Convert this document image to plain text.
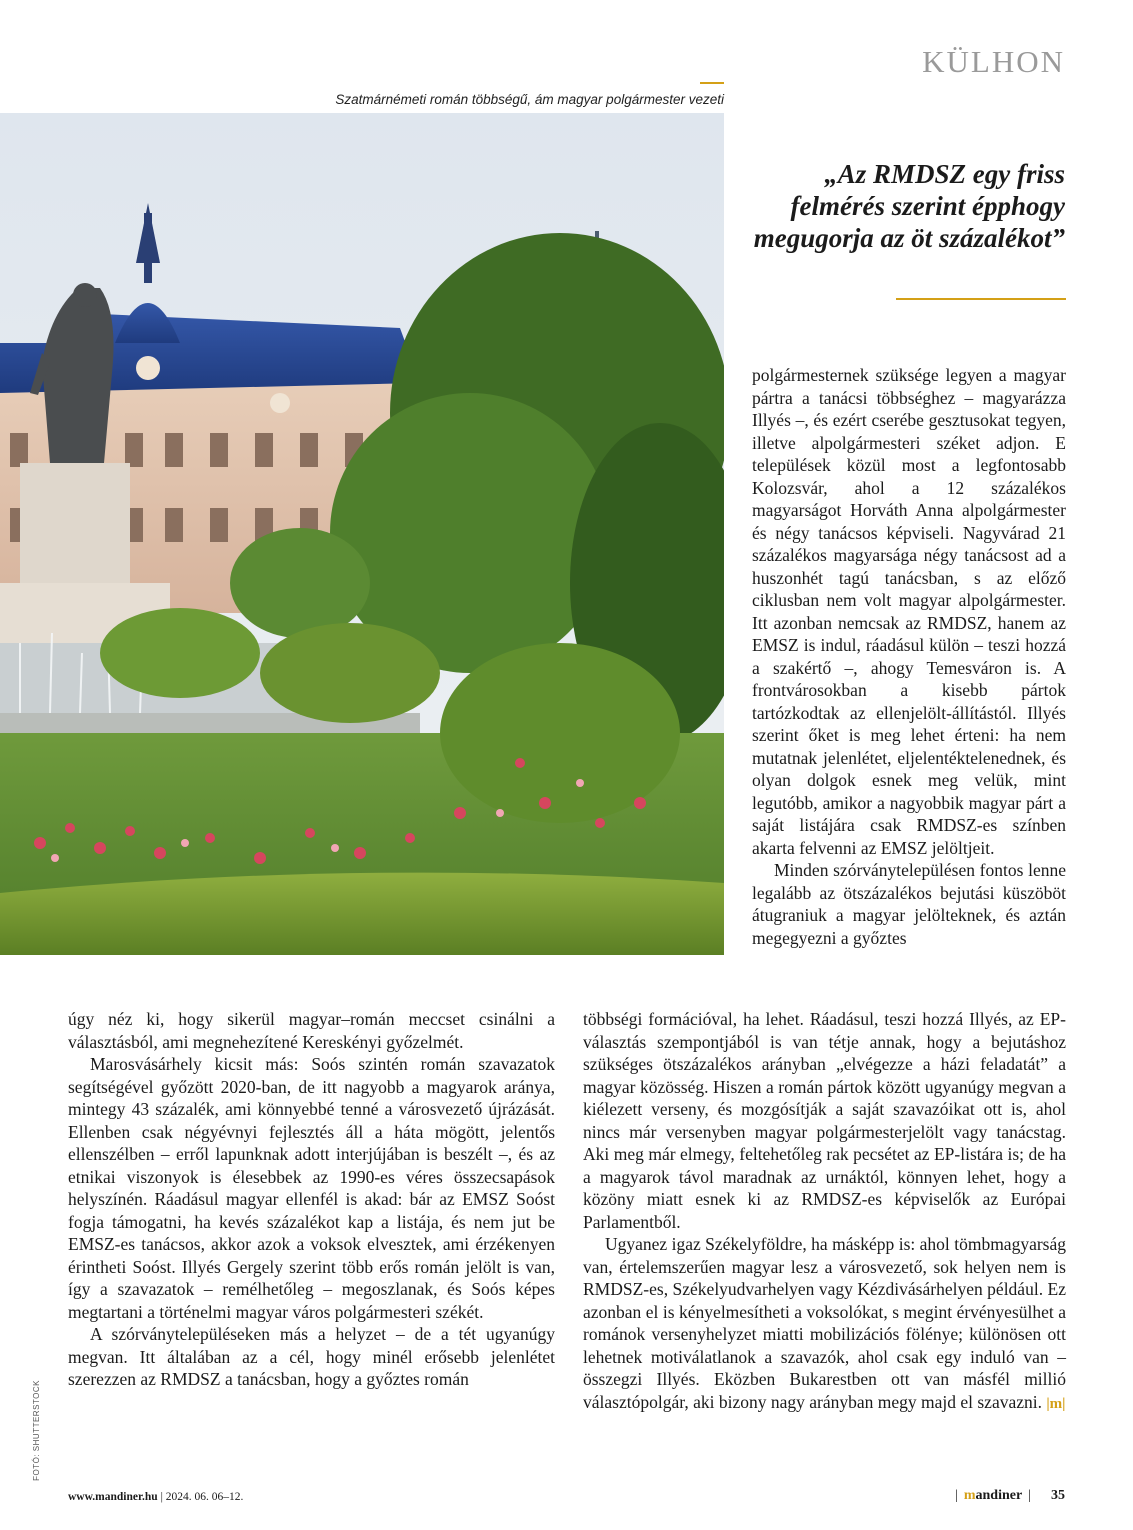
KÜLHON
Szatmárnémeti román többségű, ám magyar polgármester vezeti
„Az RMDSZ egy friss felmérés szerint épphogy megugorja az öt százalékot”

polgármesternek szüksége legyen a magyar pártra a tanácsi többséghez – magyarázza Illyés –, és ezért cserébe gesztusokat tegyen, illetve alpolgármesteri széket adjon. E települések közül most a legfontosabb Kolozsvár, ahol a 12 százalékos magyarságot Horváth Anna alpolgármester és négy tanácsos képviseli. Nagyvárad 21 százalékos magyarsága négy tanácsost ad a huszonhét tagú tanácsban, s az előző ciklusban nem volt magyar alpolgármester. Itt azonban nemcsak az RMDSZ, hanem az EMSZ is indul, ráadásul külön – teszi hozzá a szakértő –, ahogy Temesváron is. A frontvárosokban a kisebb pártok tartózkodtak az ellenjelölt-állítástól. Illyés szerint őket is meg lehet érteni: ha nem mutatnak jelenlétet, eljelentéktelenednek, és olyan dolgok esnek meg velük, mint legutóbb, amikor a nagyobbik magyar párt a saját listájára csak RMDSZ-es színben akarta felvenni az EMSZ jelöltjeit.

Minden szórványtelepülésen fontos lenne legalább az ötszázalékos bejutási küszöböt átugraniuk a magyar jelölteknek, és aztán megegyezni a győztes

úgy néz ki, hogy sikerül magyar–román meccset csinálni a választásból, ami megnehezítené Kereskényi győzelmét.

Marosvásárhely kicsit más: Soós szintén román szavazatok segítségével győzött 2020-ban, de itt nagyobb a magyarok aránya, mintegy 43 százalék, ami könnyebbé tenné a városvezető újrázását. Ellenben csak négyévnyi fejlesztés áll a háta mögött, jelentős ellenszélben – erről lapunknak adott interjújában is beszélt –, és az etnikai viszonyok is élesebbek az 1990-es véres összecsapások helyszínén. Ráadásul magyar ellenfél is akad: bár az EMSZ Soóst fogja támogatni, ha kevés százalékot kap a listája, és nem jut be EMSZ-es tanácsos, akkor azok a voksok elvesztek, ami érzékenyen érintheti Soóst. Illyés Gergely szerint több erős román jelölt is van, így a szavazatok – remélhetőleg – megoszlanak, és Soós képes megtartani a történelmi magyar város polgármesteri székét.

A szórványtelepüléseken más a helyzet – de a tét ugyanúgy megvan. Itt általában az a cél, hogy minél erősebb jelenlétet szerezzen az RMDSZ a tanácsban, hogy a győztes román

többségi formációval, ha lehet. Ráadásul, teszi hozzá Illyés, az EP-választás szempontjából is van tétje annak, hogy a bejutáshoz szükséges ötszázalékos arányban „elvégezze a házi feladatát” a magyar közösség. Hiszen a román pártok között ugyanúgy megvan a kiélezett verseny, és mozgósítják a saját szavazóikat ott is, ahol nincs már versenyben magyar polgármesterjelölt vagy tanácstag. Aki meg már elmegy, feltehetőleg rak pecsétet az EP-listára is; de ha a magyarok távol maradnak az urnáktól, könnyen lehet, hogy a közöny miatt esnek ki az RMDSZ-es képviselők az Európai Parlamentből.

Ugyanez igaz Székelyföldre, ha másképp is: ahol tömbmagyarság van, értelemszerűen magyar lesz a városvezető, sok helyen nem is RMDSZ-es, Székelyudvarhelyen vagy Kézdivásárhelyen például. Ez azonban el is kényelmesítheti a voksolókat, s megint érvényesülhet a románok versenyhelyzet miatti mobilizációs fölénye; különösen ott lehetnek motiválatlanok a szavazók, ahol csak egy induló van – összegzi Illyés. Eközben Bukarestben ott van másfél millió választópolgár, aki bizony nagy arányban megy majd el szavazni. |m|

FOTÓ: SHUTTERSTOCK
www.mandiner.hu | 2024. 06. 06–12.	| mandiner | 35
